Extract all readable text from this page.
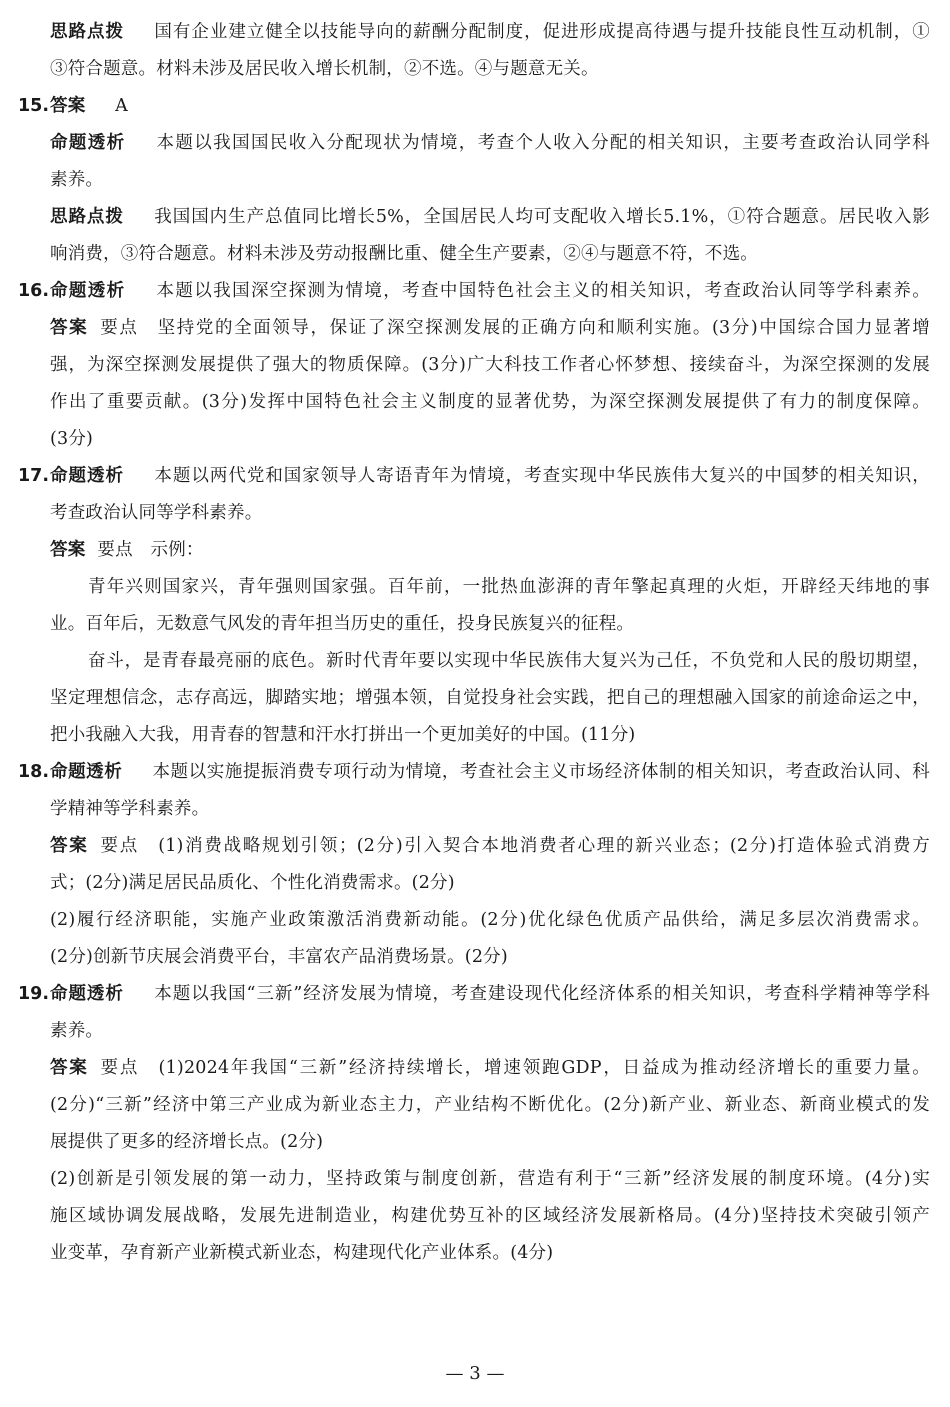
思路点拨　国有企业建立健全以技能导向的薪酬分配制度，促进形成提高待遇与提升技能良性互动机制，①
③符合题意。材料未涉及居民收入增长机制，②不选。④与题意无关。
15. 答案　A
命题透析　本题以我国国民收入分配现状为情境，考查个人收入分配的相关知识，主要考查政治认同学科
素养。
思路点拨　我国国内生产总值同比增长5%，全国居民人均可支配收入增长5.1%，①符合题意。居民收入影
响消费，③符合题意。材料未涉及劳动报酬比重、健全生产要素，②④与题意不符，不选。
16. 命题透析　本题以我国深空探测为情境，考查中国特色社会主义的相关知识，考查政治认同等学科素养。
答案 要点　坚持党的全面领导，保证了深空探测发展的正确方向和顺利实施。(3分)中国综合国力显著增
强，为深空探测发展提供了强大的物质保障。(3分)广大科技工作者心怀梦想、接续奋斗，为深空探测的发展
作出了重要贡献。(3分)发挥中国特色社会主义制度的显著优势，为深空探测发展提供了有力的制度保障。
(3分)
17. 命题透析　本题以两代党和国家领导人寄语青年为情境，考查实现中华民族伟大复兴的中国梦的相关知识，
考查政治认同等学科素养。
答案 要点　示例：
青年兴则国家兴，青年强则国家强。百年前，一批热血澎湃的青年擎起真理的火炬，开辟经天纬地的事
业。百年后，无数意气风发的青年担当历史的重任，投身民族复兴的征程。
奋斗，是青春最亮丽的底色。新时代青年要以实现中华民族伟大复兴为己任，不负党和人民的殷切期望，
坚定理想信念，志存高远，脚踏实地；增强本领，自觉投身社会实践，把自己的理想融入国家的前途命运之中，
把小我融入大我，用青春的智慧和汗水打拼出一个更加美好的中国。(11分)
18. 命题透析　本题以实施提振消费专项行动为情境，考查社会主义市场经济体制的相关知识，考查政治认同、科
学精神等学科素养。
答案 要点　(1)消费战略规划引领；(2分)引入契合本地消费者心理的新兴业态；(2分)打造体验式消费方
式；(2分)满足居民品质化、个性化消费需求。(2分)
(2)履行经济职能，实施产业政策激活消费新动能。(2分)优化绿色优质产品供给，满足多层次消费需求。
(2分)创新节庆展会消费平台，丰富农产品消费场景。(2分)
19. 命题透析　本题以我国“三新”经济发展为情境，考查建设现代化经济体系的相关知识，考查科学精神等学科
素养。
答案 要点　(1)2024年我国“三新”经济持续增长，增速领跑GDP，日益成为推动经济增长的重要力量。
(2分)“三新”经济中第三产业成为新业态主力，产业结构不断优化。(2分)新产业、新业态、新商业模式的发
展提供了更多的经济增长点。(2分)
(2)创新是引领发展的第一动力，坚持政策与制度创新，营造有利于“三新”经济发展的制度环境。(4分)实
施区域协调发展战略，发展先进制造业，构建优势互补的区域经济发展新格局。(4分)坚持技术突破引领产
业变革，孕育新产业新模式新业态，构建现代化产业体系。(4分)
— 3 —
